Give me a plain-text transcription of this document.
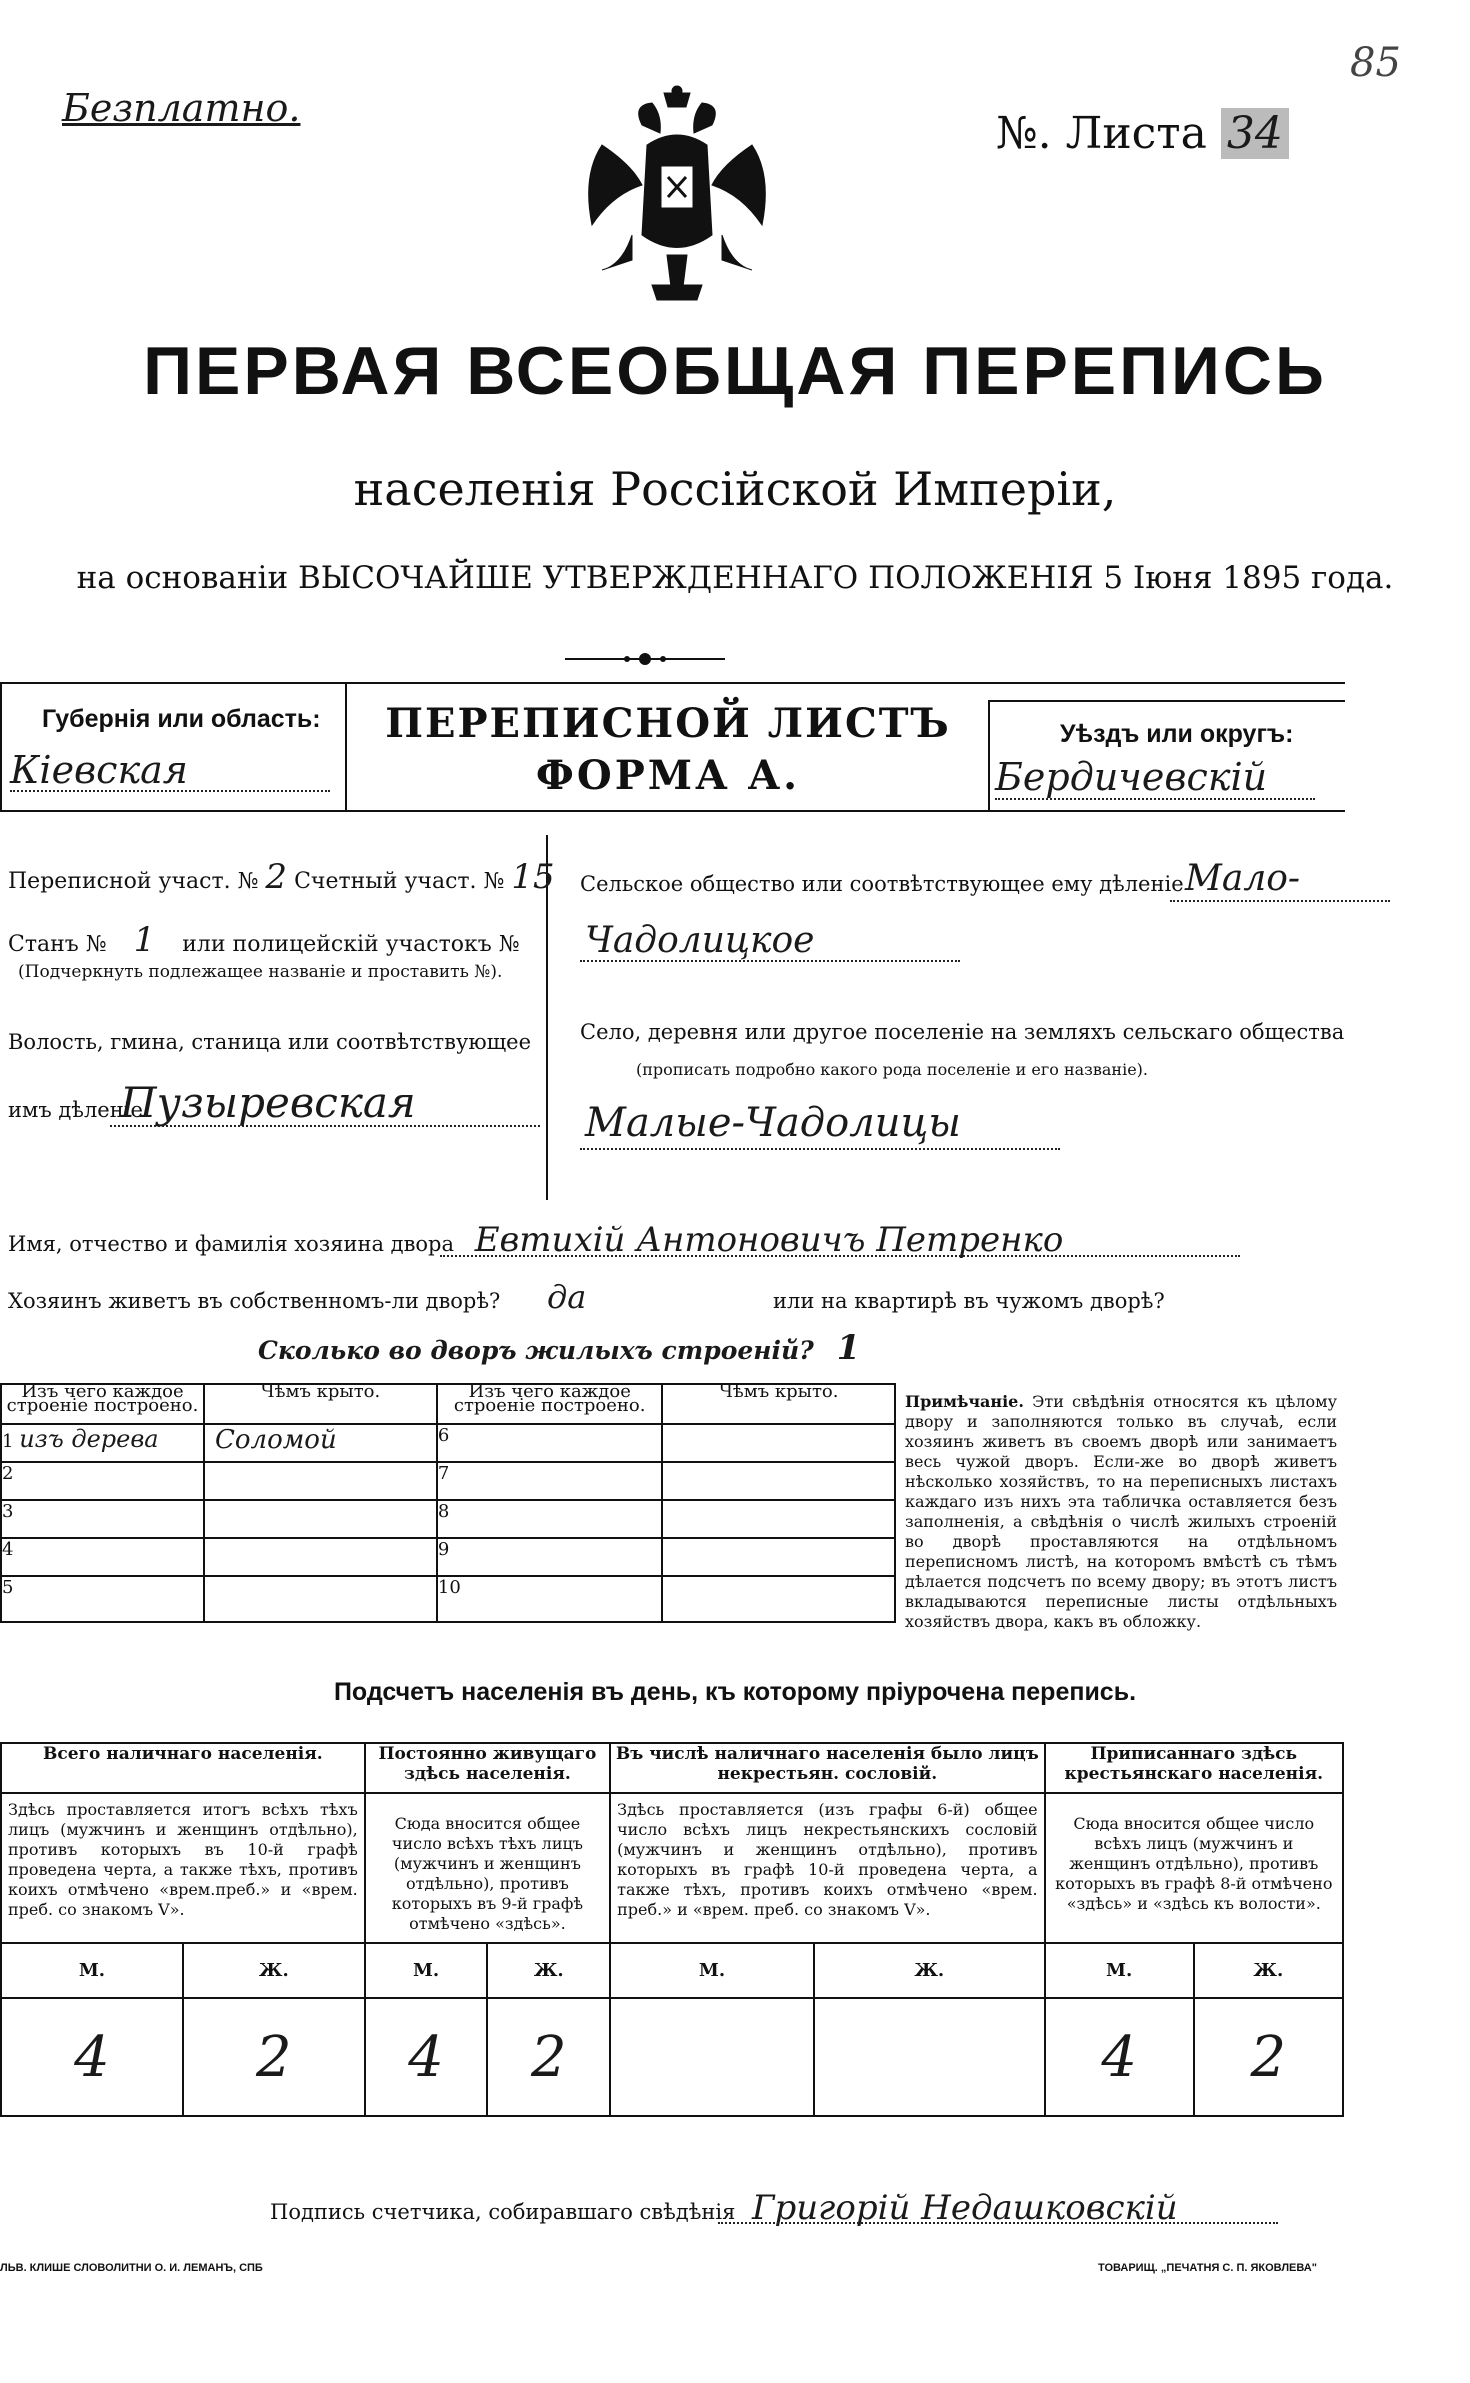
Безплатно.
85
№. Листа 34
ПЕРВАЯ ВСЕОБЩАЯ ПЕРЕПИСЬ
населенія Россійской Имперіи,
на основаніи ВЫСОЧАЙШЕ УТВЕРЖДЕННАГО ПОЛОЖЕНІЯ 5 Іюня 1895 года.
Губернія или область:
Кіевская
ПЕРЕПИСНОЙ ЛИСТЪ
ФОРМА А.
Уѣздъ или округъ:
Бердичевскій
Переписной участ. № 2 Счетный участ. № 15
Станъ № 1 или полицейскій участокъ №
(Подчеркнуть подлежащее названіе и проставить №).
Волость, гмина, станица или соотвѣтствующее
имъ дѣленіе
Пузыревская
Сельское общество или соотвѣтствующее ему дѣленіе Мало-
Чадолицкое
Село, деревня или другое поселеніе на земляхъ сельскаго общества
(прописать подробно какого рода поселеніе и его названіе).
Малые-Чадолицы
Имя, отчество и фамилія хозяина двора Евтихій Антоновичъ Петренко
Хозяинъ живетъ въ собственномъ-ли дворѣ? да	или на квартирѣ въ чужомъ дворѣ?
Сколько во дворъ жилыхъ строеній? 1
Изъ чего каждое строеніе построено.	Чѣмъ крыто.	Изъ чего каждое строеніе построено.	Чѣмъ крыто.
1 изъ дерева	Соломой	6	
2		7	
3		8	
4		9	
5		10	
Примѣчаніе. Эти свѣдѣнія относятся къ цѣлому двору и заполняются только въ случаѣ, если хозяинъ живетъ въ своемъ дворѣ или занимаетъ весь чужой дворъ. Если-же во дворѣ живетъ нѣсколько хозяйствъ, то на переписныхъ листахъ каждаго изъ нихъ эта табличка оставляется безъ заполненія, а свѣдѣнія о числѣ жилыхъ строеній во дворѣ проставляются на отдѣльномъ переписномъ листѣ, на которомъ вмѣстѣ съ тѣмъ дѣлается подсчетъ по всему двору; въ этотъ листъ вкладываются переписные листы отдѣльныхъ хозяйствъ двора, какъ въ обложку.
Подсчетъ населенія въ день, къ которому пріурочена перепись.
Всего наличнаго населенія.		Постоянно живущаго здѣсь населенія.		Въ числѣ наличнаго населенія было лицъ некрестьян. сословій.		Приписаннаго здѣсь крестьянскаго населенія.	
Здѣсь проставляется итогъ всѣхъ тѣхъ лицъ (мужчинъ и женщинъ отдѣльно), противъ которыхъ въ 10-й графѣ проведена черта, а также тѣхъ, противъ коихъ отмѣчено «врем.преб.» и «врем. преб. со знакомъ V».		Сюда вносится общее число всѣхъ тѣхъ лицъ (мужчинъ и женщинъ отдѣльно), противъ которыхъ въ 9-й графѣ отмѣчено «здѣсь».		Здѣсь проставляется (изъ графы 6-й) общее число всѣхъ лицъ некрестьянскихъ сословій (мужчинъ и женщинъ отдѣльно), противъ которыхъ въ графѣ 10-й проведена черта, а также тѣхъ, противъ коихъ отмѣчено «врем. преб.» и «врем. преб. со знакомъ V».		Сюда вносится общее число всѣхъ лицъ (мужчинъ и женщинъ отдѣльно), противъ которыхъ въ графѣ 8-й отмѣчено «здѣсь» и «здѣсь къ волости».	
М.	Ж.	М.	Ж.	М.	Ж.	М.	Ж.
4	2	4	2			4	2
Подпись счетчика, собиравшаго свѣдѣнія Григорій Недашковскій
ЛЬВ. КЛИШЕ СЛОВОЛИТНИ О. И. ЛЕМАНЪ, СПБ	ТОВАРИЩ. „ПЕЧАТНЯ С. П. ЯКОВЛЕВА"
